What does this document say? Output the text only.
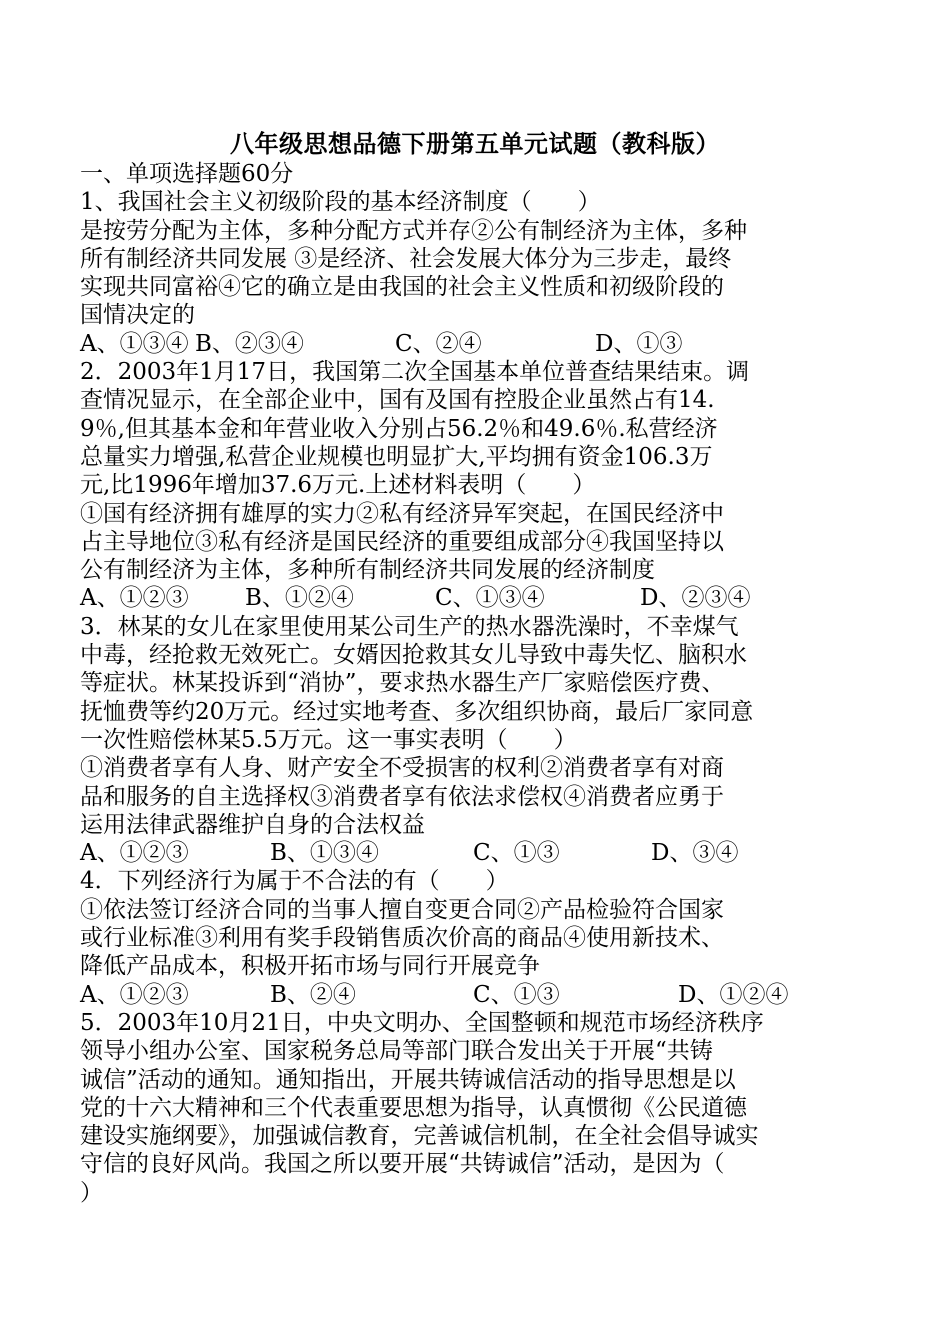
八年级思想品德下册第五单元试题（教科版）
一、单项选择题60分
1、我国社会主义初级阶段的基本经济制度（　　）
是按劳分配为主体，多种分配方式并存②公有制经济为主体，多种
所有制经济共同发展 ③是经济、社会发展大体分为三步走，最终
实现共同富裕④它的确立是由我国的社会主义性质和初级阶段的
国情决定的
A、①③④ B、②③④	C、②④	D、①③
2．2003年1月17日，我国第二次全国基本单位普查结果结束。调
查情况显示，在全部企业中，国有及国有控股企业虽然占有14.
9％,但其基本金和年营业收入分别占56.2％和49.6％.私营经济
总量实力增强,私营企业规模也明显扩大,平均拥有资金106.3万
元,比1996年增加37.6万元.上述材料表明（　　）
①国有经济拥有雄厚的实力②私有经济异军突起，在国民经济中
占主导地位③私有经济是国民经济的重要组成部分④我国坚持以
公有制经济为主体，多种所有制经济共同发展的经济制度
A、①②③	B、①②④	C、①③④	D、②③④
3．林某的女儿在家里使用某公司生产的热水器洗澡时，不幸煤气
中毒，经抢救无效死亡。女婿因抢救其女儿导致中毒失忆、脑积水
等症状。林某投诉到“消协”，要求热水器生产厂家赔偿医疗费、
抚恤费等约20万元。经过实地考查、多次组织协商，最后厂家同意
一次性赔偿林某5.5万元。这一事实表明（　　）
①消费者享有人身、财产安全不受损害的权利②消费者享有对商
品和服务的自主选择权③消费者享有依法求偿权④消费者应勇于
运用法律武器维护自身的合法权益
A、①②③	B、①③④	C、①③	D、③④
4．下列经济行为属于不合法的有（　　）
①依法签订经济合同的当事人擅自变更合同②产品检验符合国家
或行业标准③利用有奖手段销售质次价高的商品④使用新技术、
降低产品成本，积极开拓市场与同行开展竞争
A、①②③	B、②④	C、①③	D、①②④
5．2003年10月21日，中央文明办、全国整顿和规范市场经济秩序
领导小组办公室、国家税务总局等部门联合发出关于开展“共铸
诚信”活动的通知。通知指出，开展共铸诚信活动的指导思想是以
党的十六大精神和三个代表重要思想为指导，认真惯彻《公民道德
建设实施纲要》，加强诚信教育，完善诚信机制，在全社会倡导诚实
守信的良好风尚。我国之所以要开展“共铸诚信”活动，是因为（
）
